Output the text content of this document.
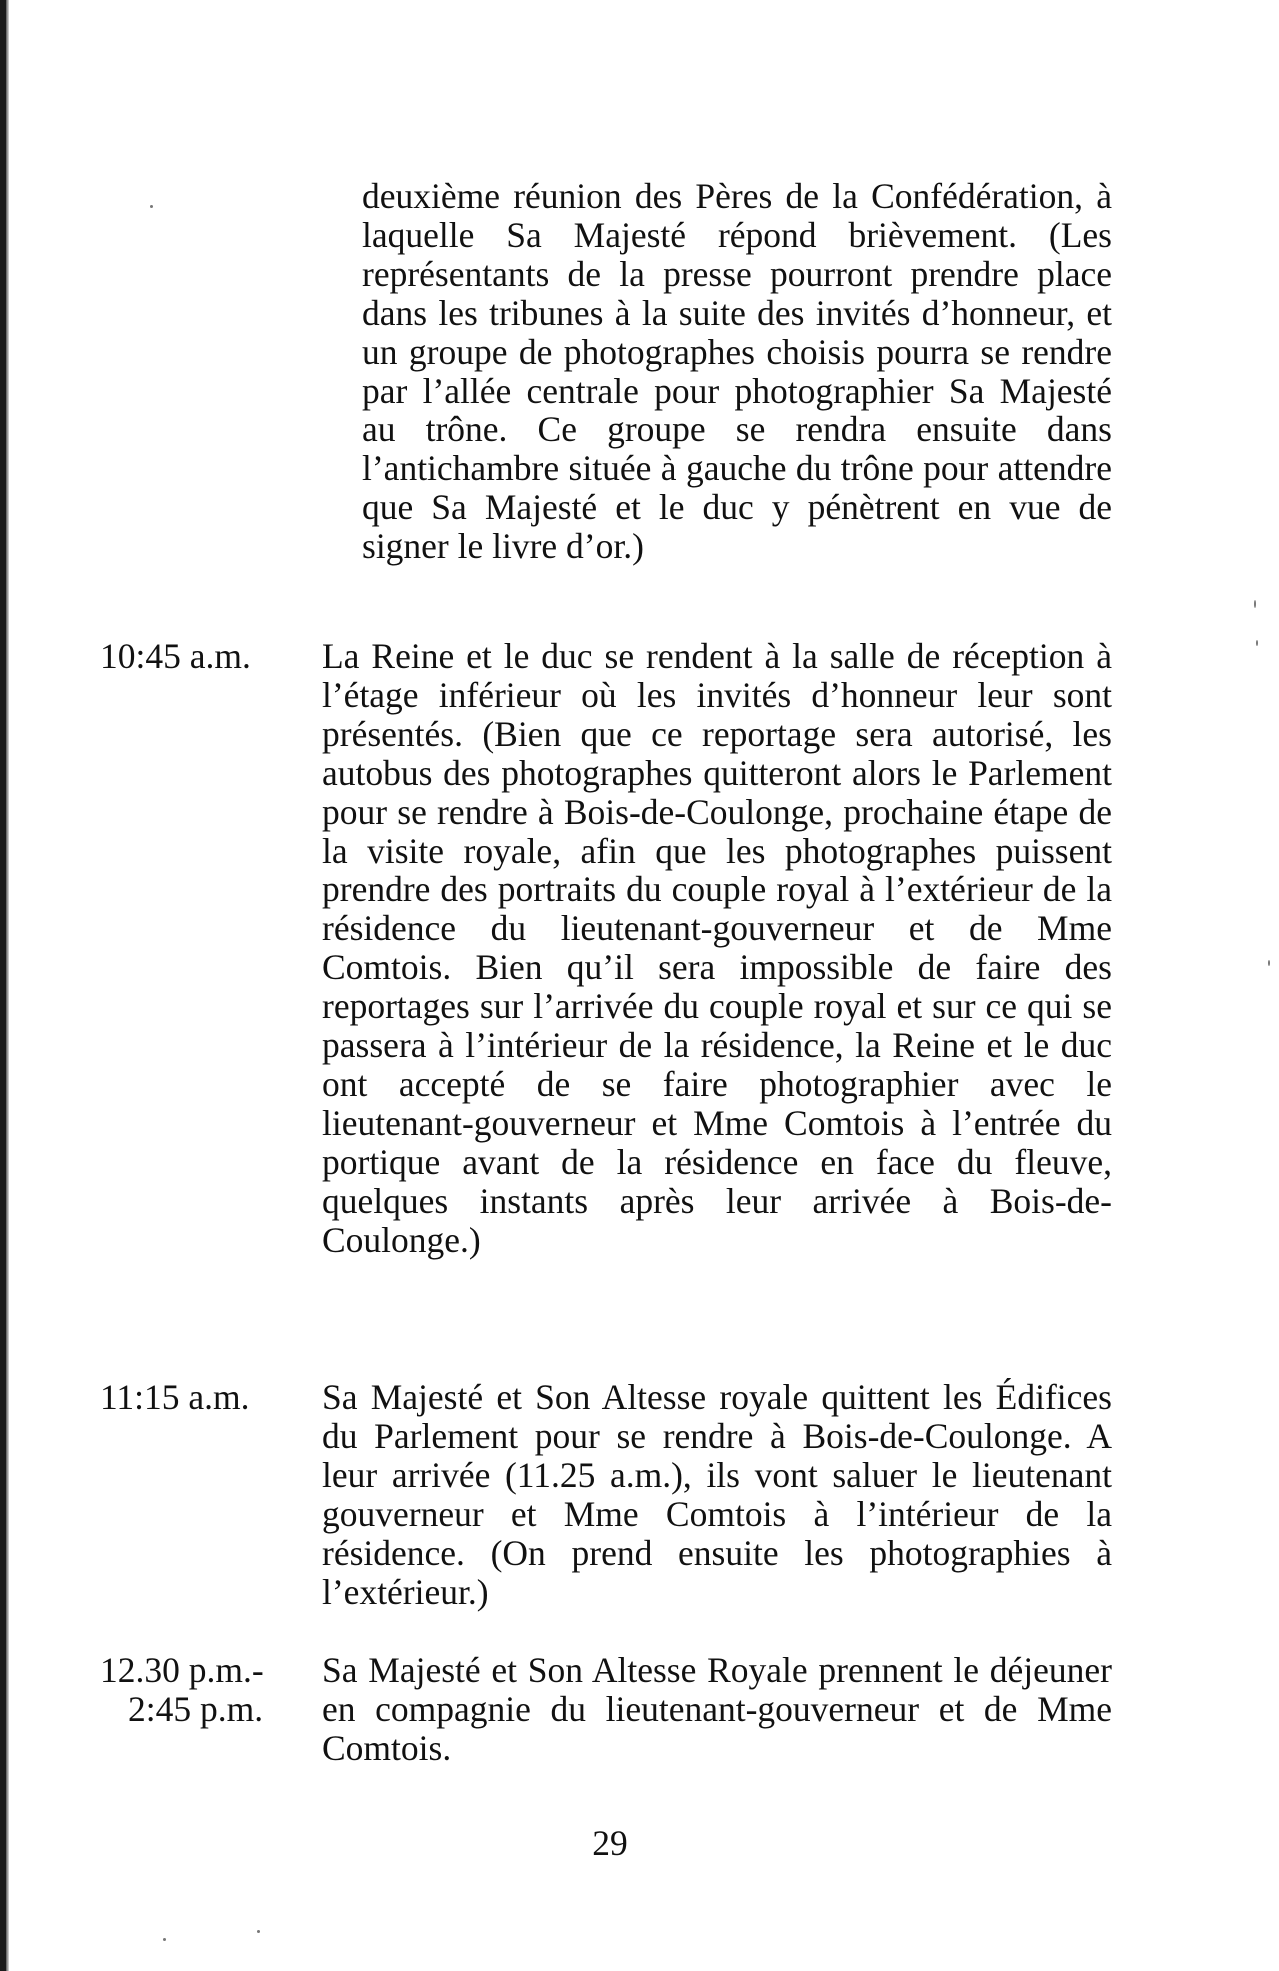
deuxième réunion des Pères de la Confédération, à laquelle Sa Majesté répond brièvement. (Les représentants de la presse pourront prendre place dans les tribunes à la suite des invités d’honneur, et un groupe de photographes choisis pourra se rendre par l’allée centrale pour photographier Sa Majesté au trône. Ce groupe se rendra ensuite dans l’antichambre située à gauche du trône pour attendre que Sa Majesté et le duc y pénètrent en vue de signer le livre d’or.)

10:45 a.m.	La Reine et le duc se rendent à la salle de réception à l’étage inférieur où les invités d’honneur leur sont présentés. (Bien que ce reportage sera autorisé, les autobus des photographes quitteront alors le Parlement pour se rendre à Bois-de-Coulonge, prochaine étape de la visite royale, afin que les photographes puissent prendre des portraits du couple royal à l’extérieur de la résidence du lieutenant-gouverneur et de Mme Comtois. Bien qu’il sera impossible de faire des reportages sur l’arrivée du couple royal et sur ce qui se passera à l’intérieur de la résidence, la Reine et le duc ont accepté de se faire photographier avec le lieutenant-gouverneur et Mme Comtois à l’entrée du portique avant de la résidence en face du fleuve, quelques instants après leur arrivée à Bois-de-Coulonge.)
11:15 a.m.	Sa Majesté et Son Altesse royale quittent les Édifices du Parlement pour se rendre à Bois-de-Coulonge. A leur arrivée (11.25 a.m.), ils vont saluer le lieutenant gouverneur et Mme Comtois à l’intérieur de la résidence. (On prend ensuite les photographies à l’extérieur.)
12.30 p.m.-
2:45 p.m.
Sa Majesté et Son Altesse Royale prennent le déjeuner en compagnie du lieutenant-gouverneur et de Mme Comtois.
29
